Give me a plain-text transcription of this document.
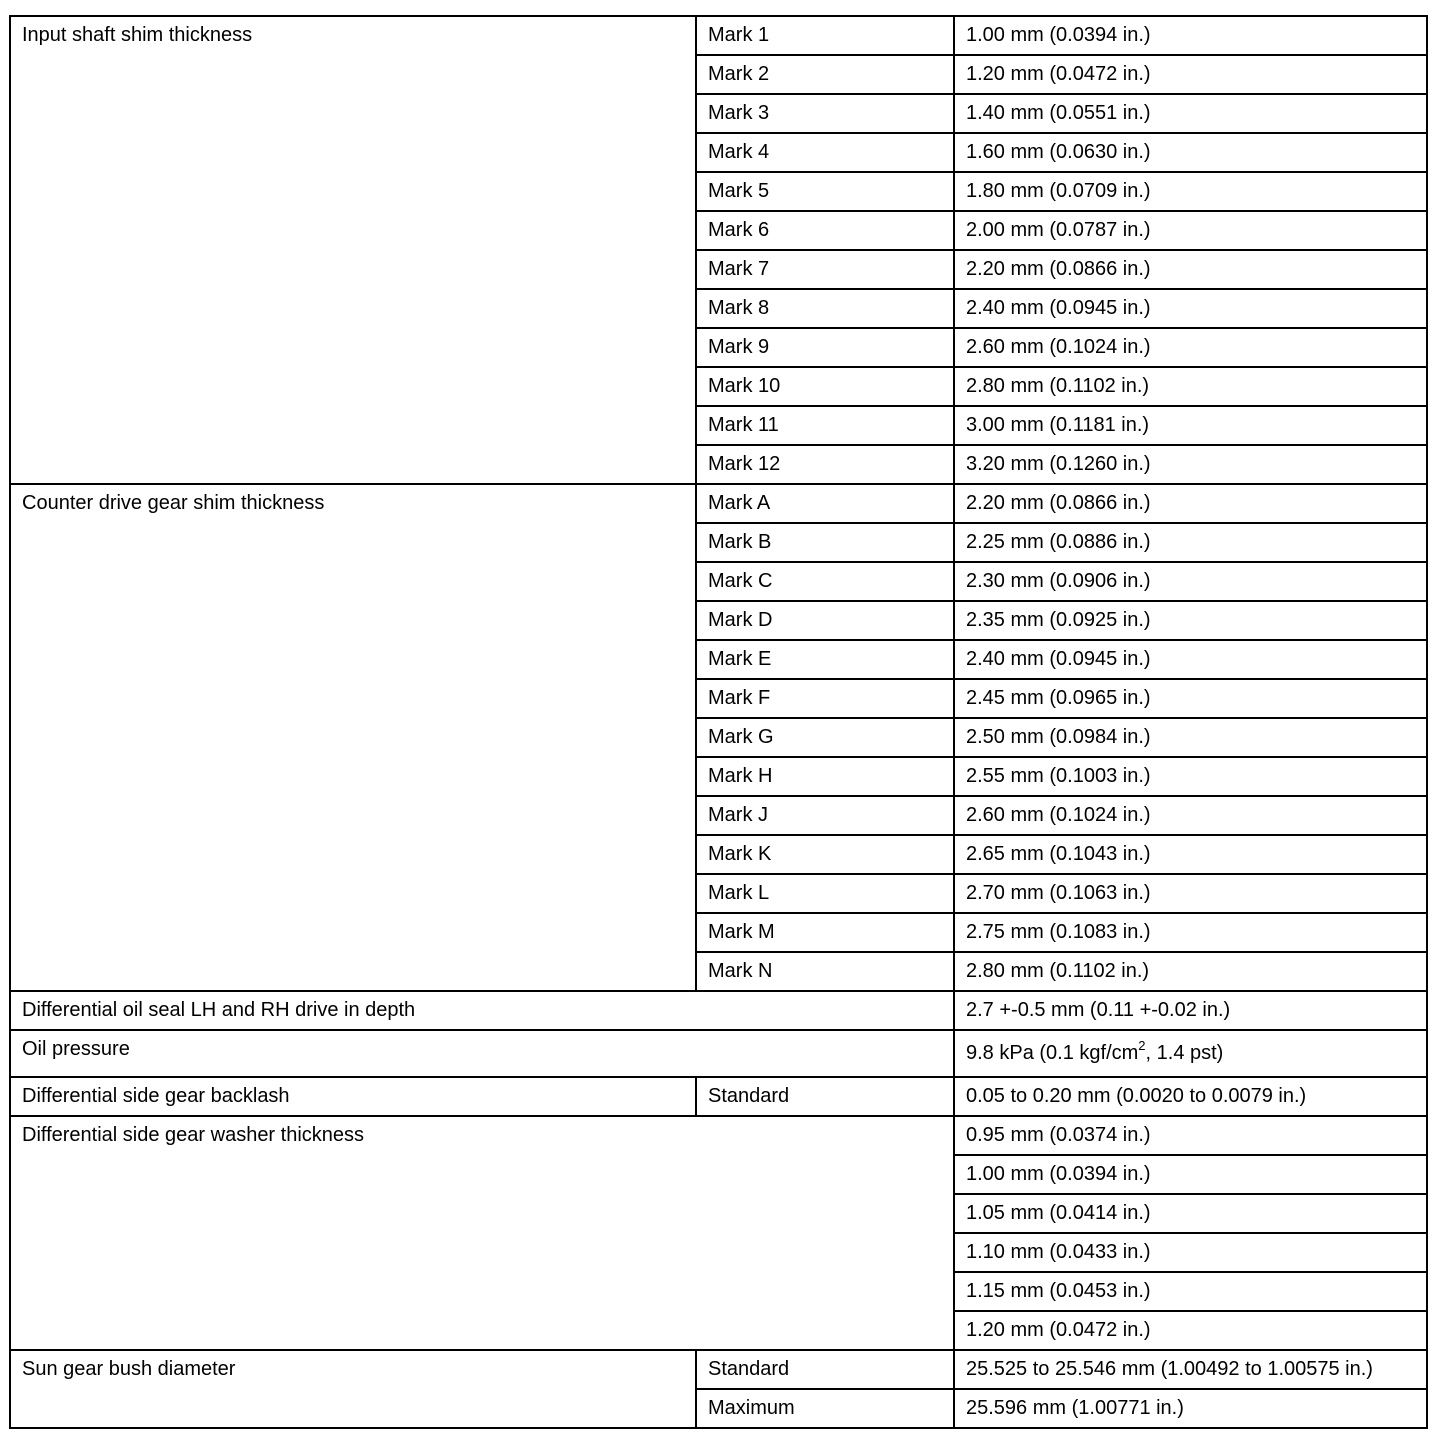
Input shaft shim thickness	Mark 1	1.00 mm (0.0394 in.)
	Mark 2	1.20 mm (0.0472 in.)
	Mark 3	1.40 mm (0.0551 in.)
	Mark 4	1.60 mm (0.0630 in.)
	Mark 5	1.80 mm (0.0709 in.)
	Mark 6	2.00 mm (0.0787 in.)
	Mark 7	2.20 mm (0.0866 in.)
	Mark 8	2.40 mm (0.0945 in.)
	Mark 9	2.60 mm (0.1024 in.)
	Mark 10	2.80 mm (0.1102 in.)
	Mark 11	3.00 mm (0.1181 in.)
	Mark 12	3.20 mm (0.1260 in.)
Counter drive gear shim thickness	Mark A	2.20 mm (0.0866 in.)
	Mark B	2.25 mm (0.0886 in.)
	Mark C	2.30 mm (0.0906 in.)
	Mark D	2.35 mm (0.0925 in.)
	Mark E	2.40 mm (0.0945 in.)
	Mark F	2.45 mm (0.0965 in.)
	Mark G	2.50 mm (0.0984 in.)
	Mark H	2.55 mm (0.1003 in.)
	Mark J	2.60 mm (0.1024 in.)
	Mark K	2.65 mm (0.1043 in.)
	Mark L	2.70 mm (0.1063 in.)
	Mark M	2.75 mm (0.1083 in.)
	Mark N	2.80 mm (0.1102 in.)
Differential oil seal LH and RH drive in depth		2.7 +-0.5 mm (0.11 +-0.02 in.)
Oil pressure		9.8 kPa (0.1 kgf/$cm^2$, 1.4 pst)
Differential side gear backlash	Standard	0.05 to 0.20 mm (0.0020 to 0.0079 in.)
Differential side gear washer thickness		0.95 mm (0.0374 in.)
		1.00 mm (0.0394 in.)
		1.05 mm (0.0414 in.)
		1.10 mm (0.0433 in.)
		1.15 mm (0.0453 in.)
		1.20 mm (0.0472 in.)
Sun gear bush diameter	Standard	25.525 to 25.546 mm (1.00492 to 1.00575 in.)
	Maximum	25.596 mm (1.00771 in.)
